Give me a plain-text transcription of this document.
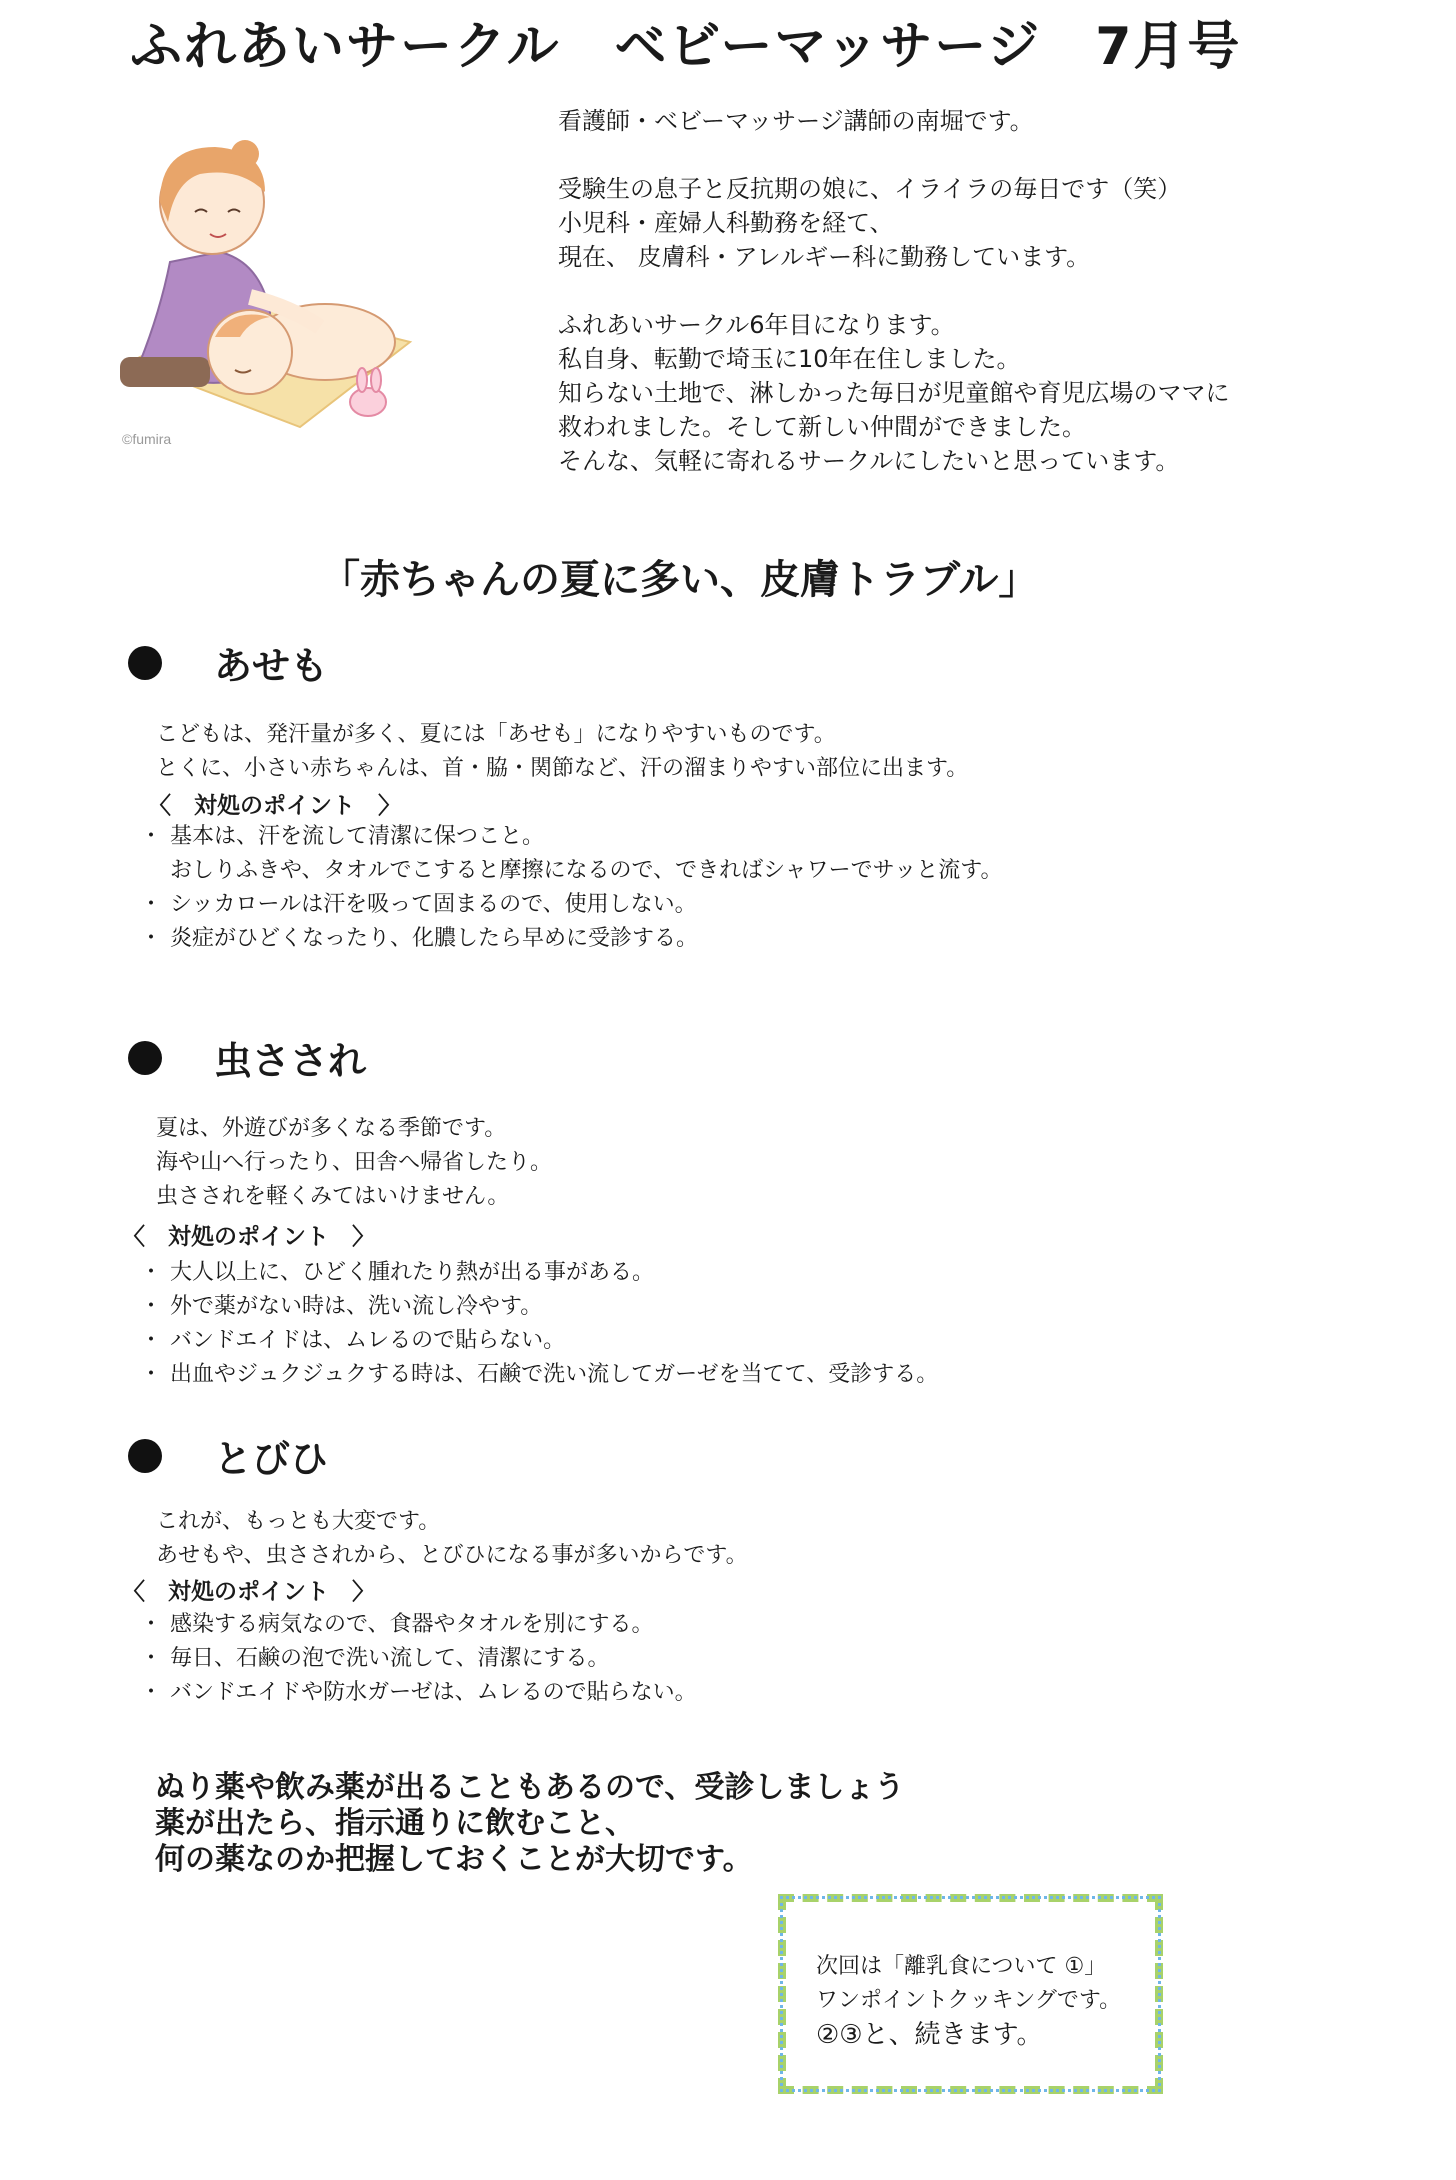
ふれあいサークル　ベビーマッサージ　7月号
©fumira
看護師・ベビーマッサージ講師の南堀です。
受験生の息子と反抗期の娘に、イライラの毎日です（笑）
小児科・産婦人科勤務を経て、
現在、 皮膚科・アレルギー科に勤務しています。
ふれあいサークル6年目になります。
私自身、転勤で埼玉に10年在住しました。
知らない土地で、淋しかった毎日が児童館や育児広場のママに
救われました。そして新しい仲間ができました。
そんな、気軽に寄れるサークルにしたいと思っています。
「赤ちゃんの夏に多い、皮膚トラブル」
あせも
こどもは、発汗量が多く、夏には「あせも」になりやすいものです。
とくに、小さい赤ちゃんは、首・脇・関節など、汗の溜まりやすい部位に出ます。
〈　対処のポイント　〉
・ 基本は、汗を流して清潔に保つこと。
おしりふきや、タオルでこすると摩擦になるので、できればシャワーでサッと流す。
・ シッカロールは汗を吸って固まるので、使用しない。
・ 炎症がひどくなったり、化膿したら早めに受診する。
虫さされ
夏は、外遊びが多くなる季節です。
海や山へ行ったり、田舎へ帰省したり。
虫さされを軽くみてはいけません。
〈　対処のポイント　〉
・ 大人以上に、ひどく腫れたり熱が出る事がある。
・ 外で薬がない時は、洗い流し冷やす。
・ バンドエイドは、ムレるので貼らない。
・ 出血やジュクジュクする時は、石鹸で洗い流してガーゼを当てて、受診する。
とびひ
これが、もっとも大変です。
あせもや、虫さされから、とびひになる事が多いからです。
〈　対処のポイント　〉
・ 感染する病気なので、食器やタオルを別にする。
・ 毎日、石鹸の泡で洗い流して、清潔にする。
・ バンドエイドや防水ガーゼは、ムレるので貼らない。
ぬり薬や飲み薬が出ることもあるので、受診しましょう
薬が出たら、指示通りに飲むこと、
何の薬なのか把握しておくことが大切です。
次回は「離乳食について ①」
ワンポイントクッキングです。
②③と、続きます。
